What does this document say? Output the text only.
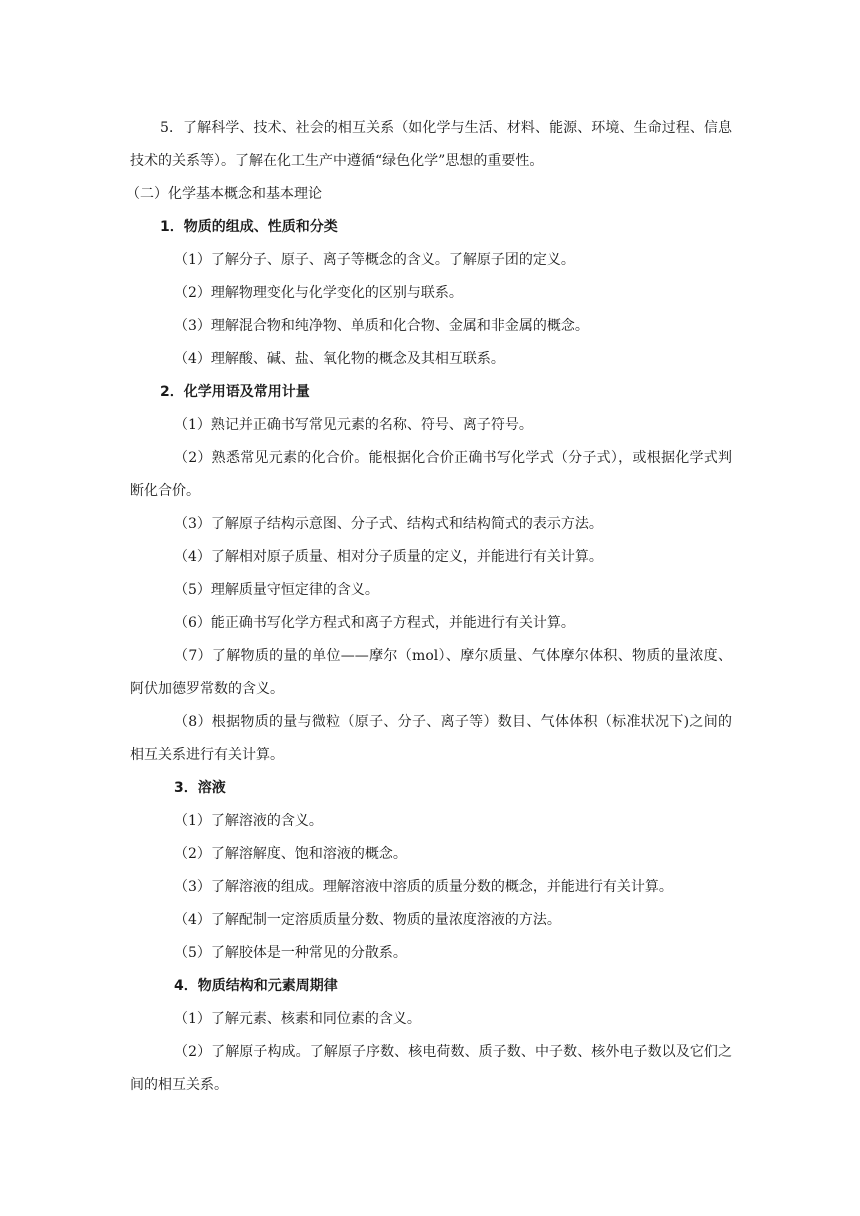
5．了解科学、技术、社会的相互关系（如化学与生活、材料、能源、环境、生命过程、信息技术的关系等）。了解在化工生产中遵循“绿色化学”思想的重要性。

（二）化学基本概念和基本理论

1．物质的组成、性质和分类

（1）了解分子、原子、离子等概念的含义。了解原子团的定义。

（2）理解物理变化与化学变化的区别与联系。

（3）理解混合物和纯净物、单质和化合物、金属和非金属的概念。

（4）理解酸、碱、盐、氧化物的概念及其相互联系。

2．化学用语及常用计量

（1）熟记并正确书写常见元素的名称、符号、离子符号。

（2）熟悉常见元素的化合价。能根据化合价正确书写化学式（分子式），或根据化学式判断化合价。

（3）了解原子结构示意图、分子式、结构式和结构简式的表示方法。

（4）了解相对原子质量、相对分子质量的定义，并能进行有关计算。

（5）理解质量守恒定律的含义。

（6）能正确书写化学方程式和离子方程式，并能进行有关计算。

（7）了解物质的量的单位——摩尔（mol）、摩尔质量、气体摩尔体积、物质的量浓度、阿伏加德罗常数的含义。

（8）根据物质的量与微粒（原子、分子、离子等）数目、气体体积（标准状况下)之间的相互关系进行有关计算。

3．溶液

（1）了解溶液的含义。

（2）了解溶解度、饱和溶液的概念。

（3）了解溶液的组成。理解溶液中溶质的质量分数的概念，并能进行有关计算。

（4）了解配制一定溶质质量分数、物质的量浓度溶液的方法。

（5）了解胶体是一种常见的分散系。

4．物质结构和元素周期律

（1）了解元素、核素和同位素的含义。

（2）了解原子构成。了解原子序数、核电荷数、质子数、中子数、核外电子数以及它们之间的相互关系。
